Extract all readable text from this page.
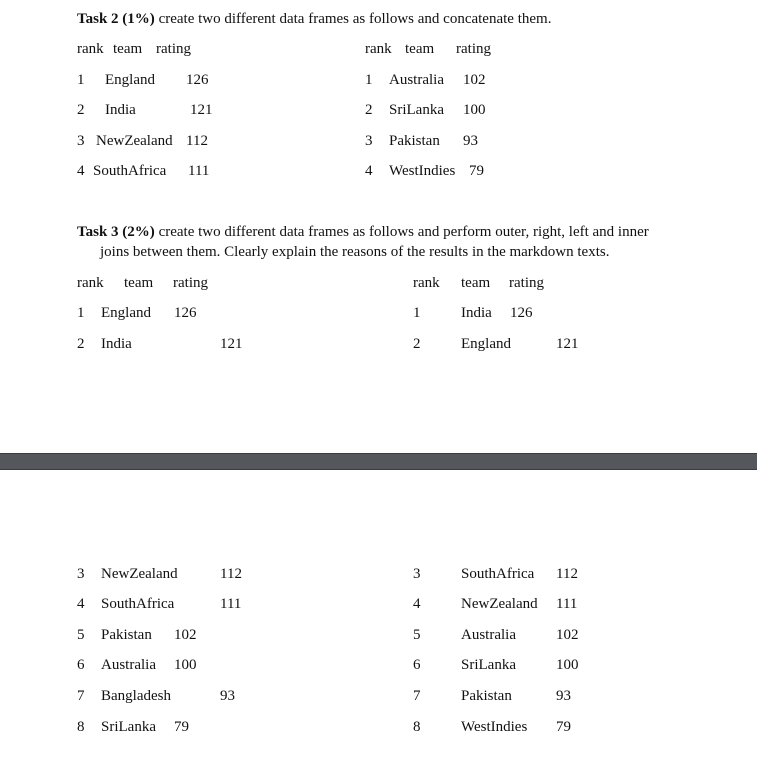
Task 2 (1%) create two different data frames as follows and concatenate them.
rank team rating
1 England 126
2 India	121
3 NewZealand 112
4 SouthAfrica 111
rank team rating
1 Australia 102
2 SriLanka 100
3 Pakistan 93
4 WestIndies 79
Task 3 (2%) create two different data frames as follows and perform outer, right, left and inner
joins between them. Clearly explain the reasons of the results in the markdown texts.
rank team rating	rank team rating
1 England 126
2 India	121
1	India 126
2	England	121
3 NewZealand	112
4 SouthAfrica	111
5 Pakistan 102
6 Australia 100
7 Bangladesh	93
8 SriLanka 79
3	SouthAfrica 112
4	NewZealand 111
5	Australia	102
6	SriLanka	100
7	Pakistan	93
8	WestIndies 79
